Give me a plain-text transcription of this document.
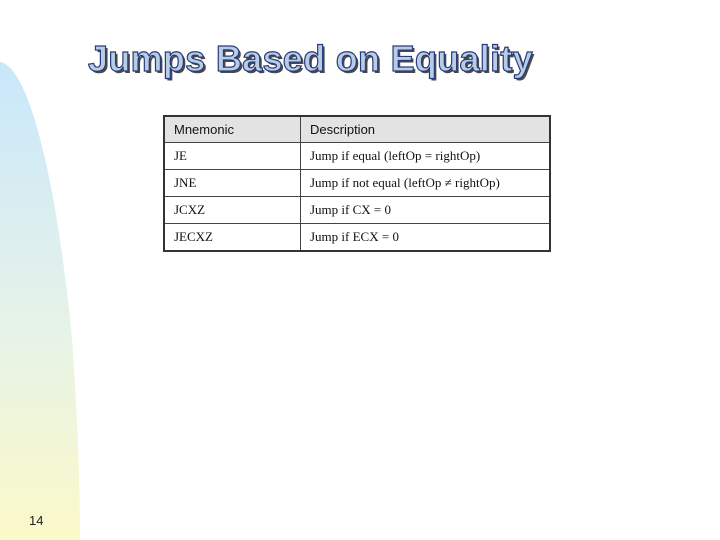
Jumps Based on Equality
Mnemonic	Description
JE	Jump if equal (leftOp = rightOp)
JNE	Jump if not equal (leftOp ≠ rightOp)
JCXZ	Jump if CX = 0
JECXZ	Jump if ECX = 0
14
